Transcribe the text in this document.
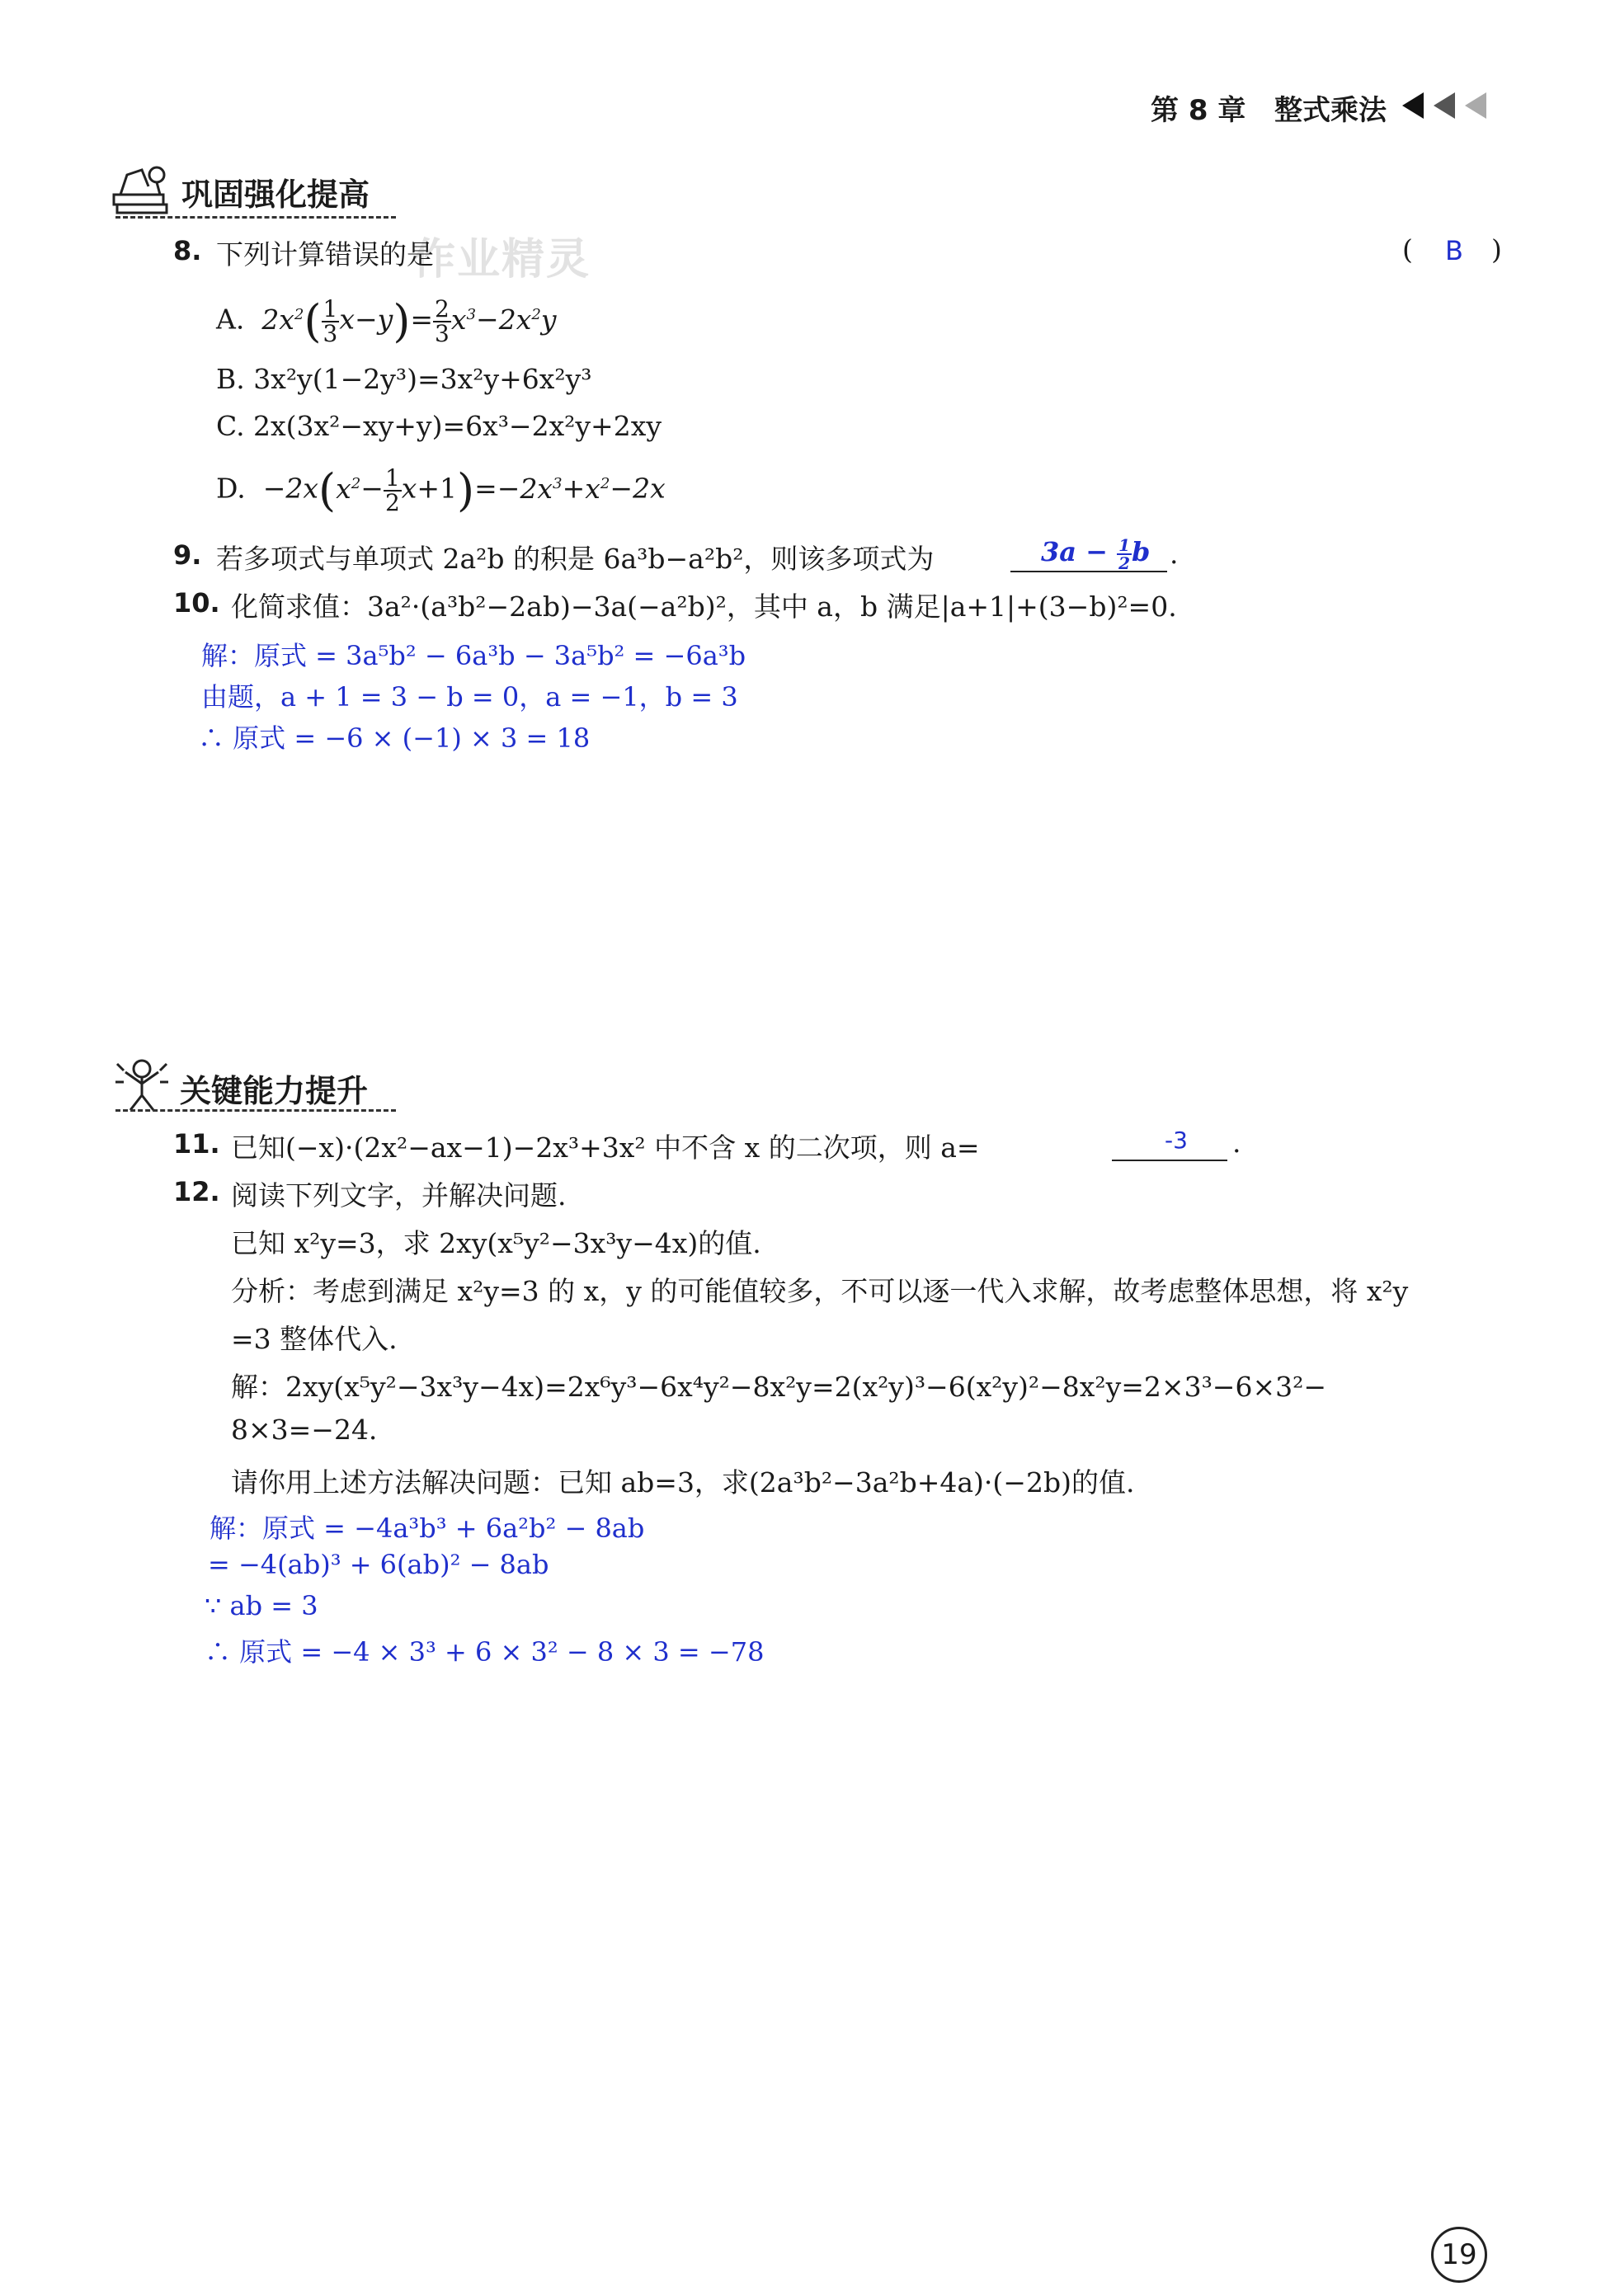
第 8 章 整式乘法
巩固强化提高
作业精灵
8. 下列计算错误的是	( B )
A. $2x^2( \frac{1}{3} x-y)= \frac{2}{3} x^3-2x^2y$
B. 3x²y(1−2y³)=3x²y+6x²y³
C. 2x(3x²−xy+y)=6x³−2x²y+2xy
D.  $-2x(x^2- \frac{1}{2} x+1)=-2x^3+x^2-2x$
9. 若多项式与单项式 2a²b 的积是 6a³b−a²b²，则该多项式为	$3a - \frac{1}{2}$ b .
10. 化简求值：3a²·(a³b²−2ab)−3a(−a²b)²，其中 a，b 满足|a+1|+(3−b)²=0.
解：原式 = 3a⁵b² − 6a³b − 3a⁵b² = −6a³b
由题，a + 1 = 3 − b = 0，a = −1，b = 3
∴ 原式 = −6 × (−1) × 3 = 18
关键能力提升
11. 已知(−x)·(2x²−ax−1)−2x³+3x² 中不含 x 的二次项，则 a=	-3 .
12. 阅读下列文字，并解决问题.
已知 x²y=3，求 2xy(x⁵y²−3x³y−4x)的值.
分析：考虑到满足 x²y=3 的 x，y 的可能值较多，不可以逐一代入求解，故考虑整体思想，将 x²y
=3 整体代入.
解：2xy(x⁵y²−3x³y−4x)=2x⁶y³−6x⁴y²−8x²y=2(x²y)³−6(x²y)²−8x²y=2×3³−6×3²−
8×3=−24.
请你用上述方法解决问题：已知 ab=3，求(2a³b²−3a²b+4a)·(−2b)的值.
解：原式 = −4a³b³ + 6a²b² − 8ab
= −4(ab)³ + 6(ab)² − 8ab
∵ ab = 3
∴ 原式 = −4 × 3³ + 6 × 3² − 8 × 3 = −78
19
